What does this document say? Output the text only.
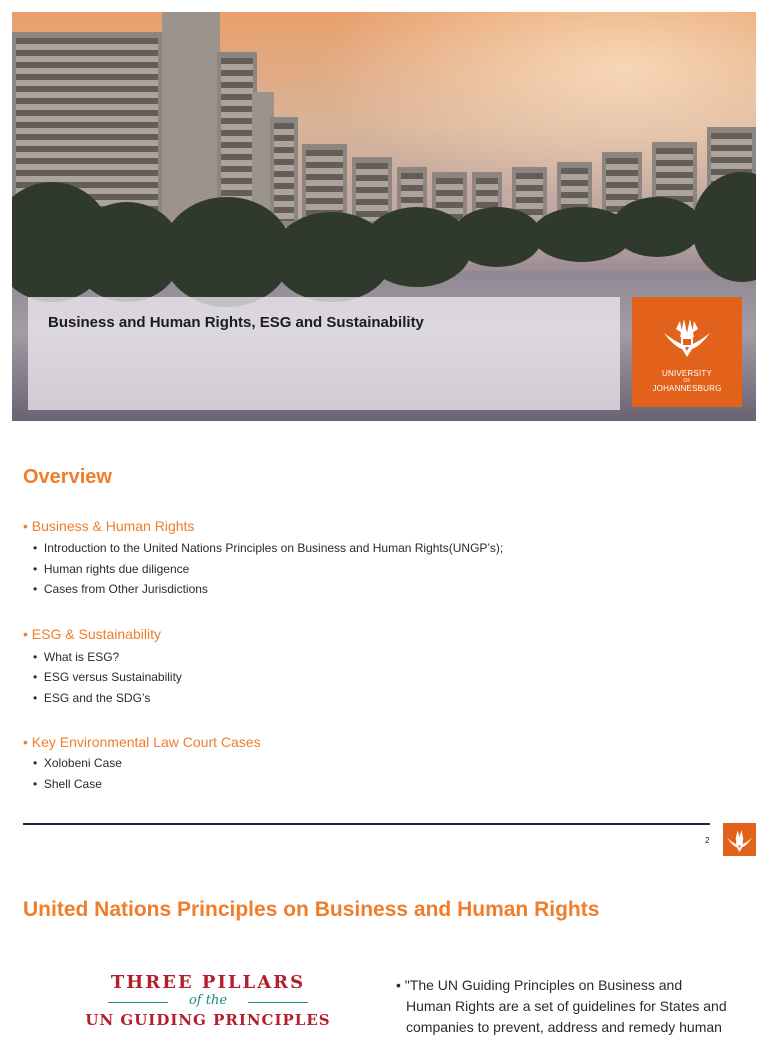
Business and Human Rights, ESG and Sustainability
UNIVERSITY
OF
JOHANNESBURG
Overview
• Business & Human Rights
•  Introduction to the United Nations Principles on Business and Human Rights(UNGP’s);
•  Human rights due diligence
•  Cases from Other Jurisdictions
• ESG & Sustainability
•  What is ESG?
•  ESG versus Sustainability
•  ESG and the SDG’s
• Key Environmental Law Court Cases
•  Xolobeni Case
•  Shell Case
2
United Nations Principles on Business and Human Rights
THREE PILLARS
of the
UN GUIDING PRINCIPLES
• "The UN Guiding Principles on Business and
Human Rights are a set of guidelines for States and
companies to prevent, address and remedy human
